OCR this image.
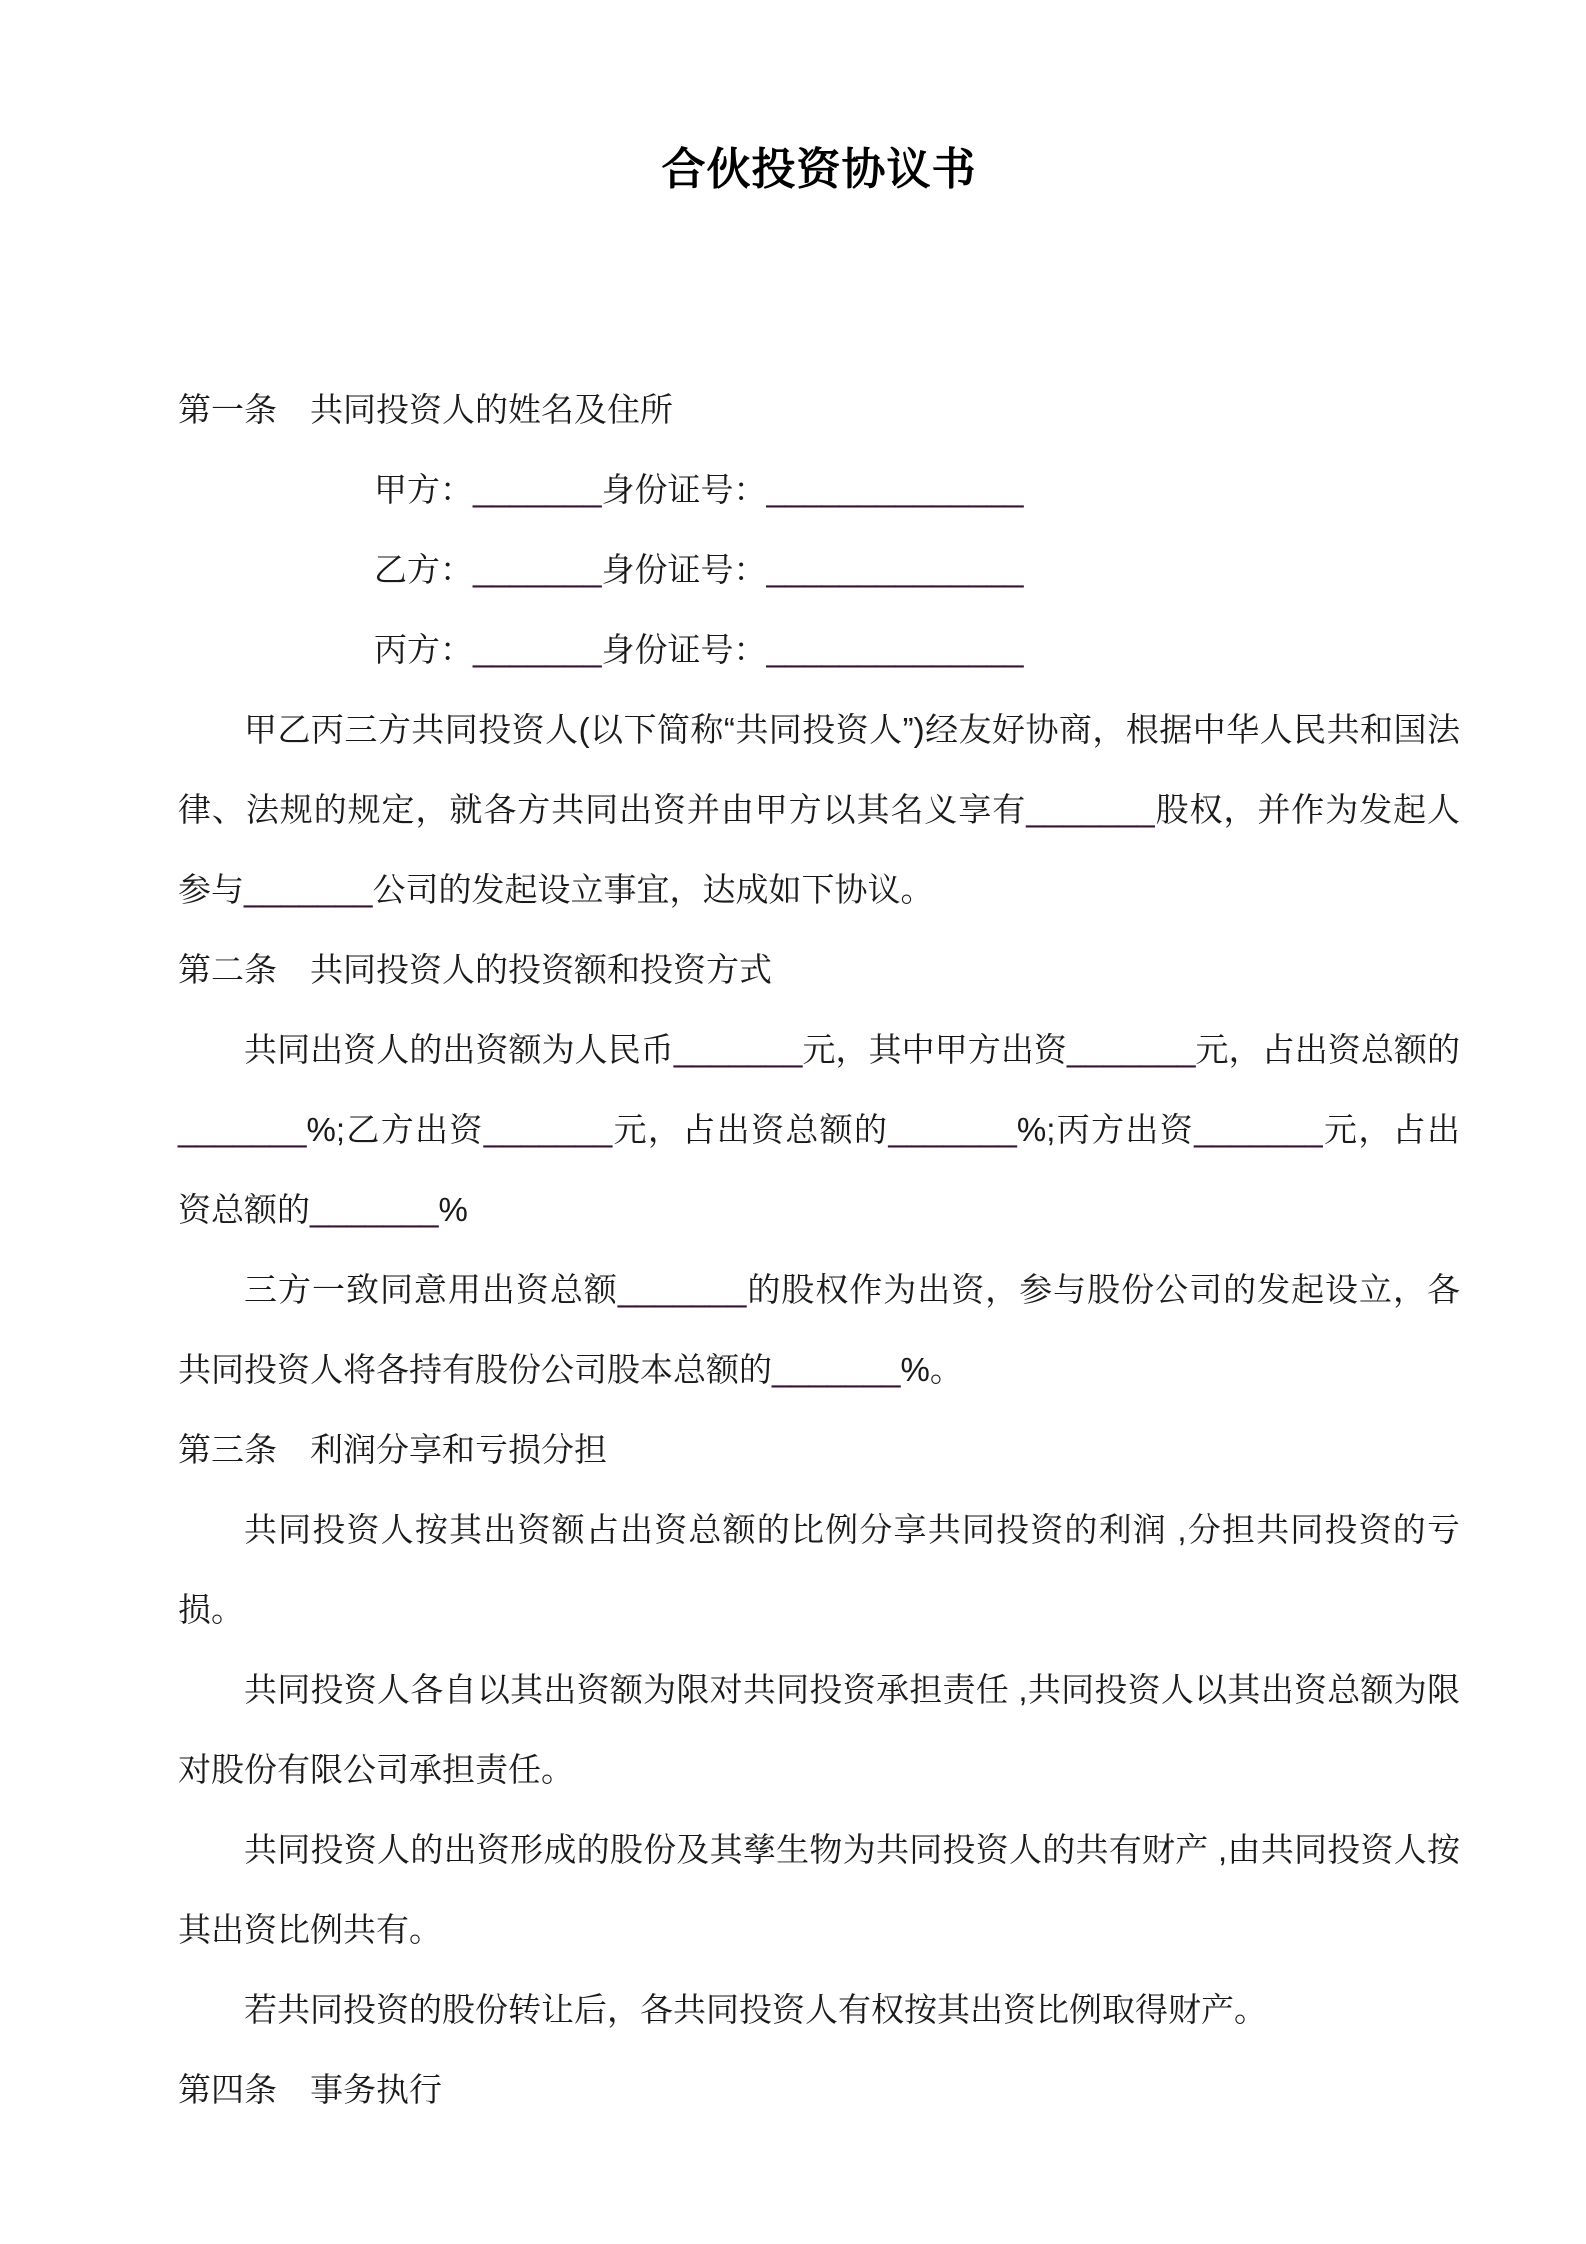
合伙投资协议书
第一条　共同投资人的姓名及住所
甲方：_______身份证号：______________
乙方：_______身份证号：______________
丙方：_______身份证号：______________

甲乙丙三方共同投资人(以下简称“共同投资人”)经友好协商，根据中华人民共和国法律、法规的规定，就各方共同出资并由甲方以其名义享有_______股权，并作为发起人参与_______公司的发起设立事宜，达成如下协议。

第二条　共同投资人的投资额和投资方式

共同出资人的出资额为人民币_______元，其中甲方出资_______元，占出资总额的_______%;乙方出资_______元，占出资总额的_______%;丙方出资_______元，占出资总额的_______%

三方一致同意用出资总额_______的股权作为出资，参与股份公司的发起设立，各共同投资人将各持有股份公司股本总额的_______%。

第三条　利润分享和亏损分担

共同投资人按其出资额占出资总额的比例分享共同投资的利润 ,分担共同投资的亏损。

共同投资人各自以其出资额为限对共同投资承担责任 ,共同投资人以其出资总额为限对股份有限公司承担责任。

共同投资人的出资形成的股份及其孳生物为共同投资人的共有财产 ,由共同投资人按其出资比例共有。

若共同投资的股份转让后，各共同投资人有权按其出资比例取得财产。

第四条　事务执行
